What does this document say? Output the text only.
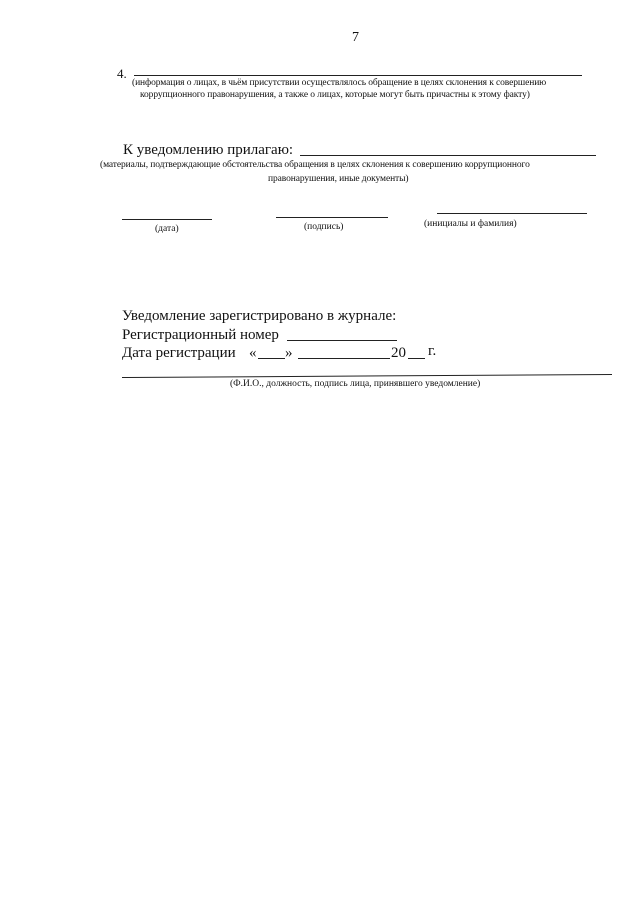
7
4.
(информация о лицах, в чьём присутствии осуществлялось обращение в целях склонения к совершению
коррупционного правонарушения, а также о лицах, которые могут быть причастны к этому факту)
К уведомлению прилагаю:
(материалы, подтверждающие обстоятельства обращения в целях склонения к совершению коррупционного
правонарушения, иные документы)
(дата)	(подпись)	(инициалы и фамилия)
Уведомление зарегистрировано в журнале:
Регистрационный номер
Дата регистрации « »	20 г.
(Ф.И.О., должность, подпись лица, принявшего уведомление)
